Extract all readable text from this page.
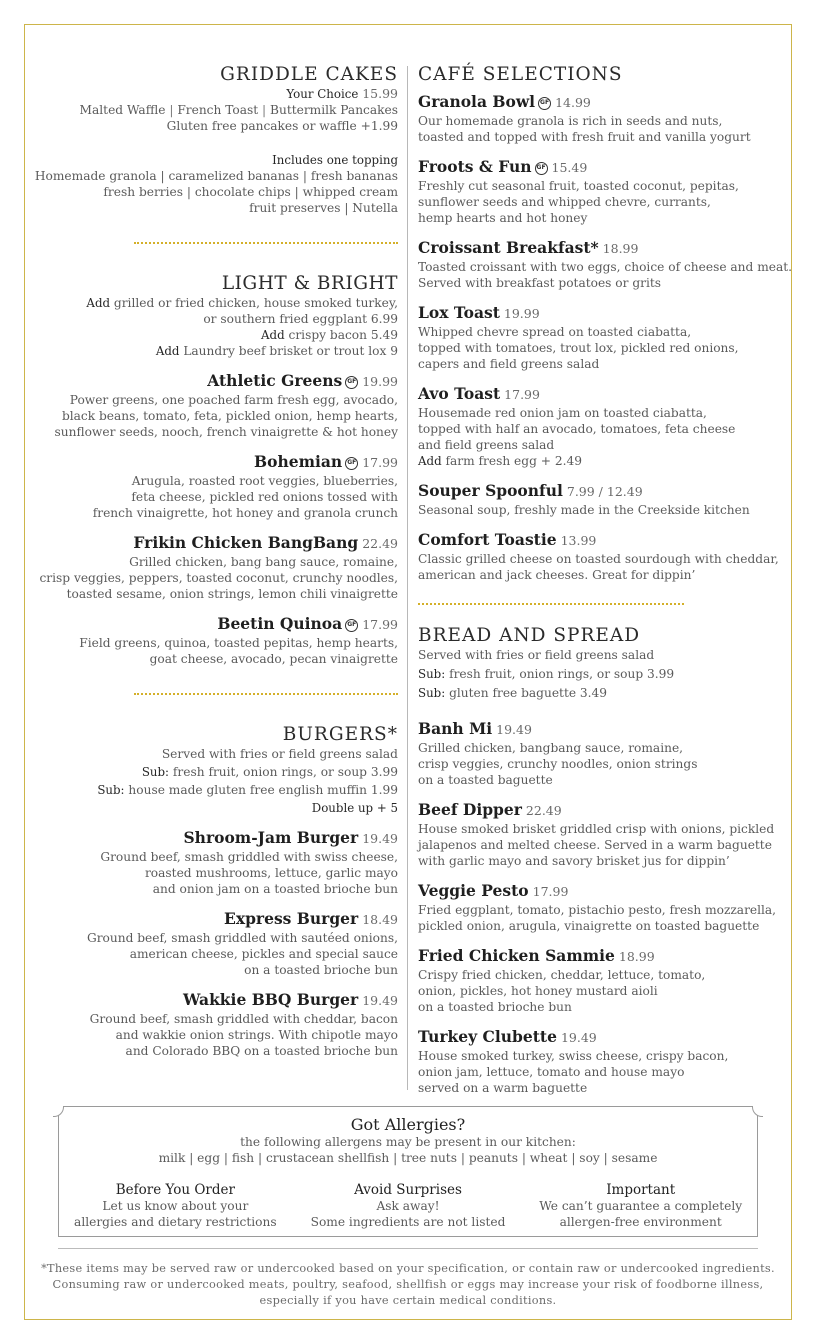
GRIDDLE CAKES
Your Choice 15.99
Malted Waffle | French Toast | Buttermilk Pancakes
Gluten free pancakes or waffle +1.99
Includes one topping
Homemade granola | caramelized bananas | fresh bananas
fresh berries | chocolate chips | whipped cream
fruit preserves | Nutella
LIGHT & BRIGHT
Add grilled or fried chicken, house smoked turkey,
or southern fried eggplant 6.99
Add crispy bacon 5.49
Add Laundry beef brisket or trout lox 9
Athletic Greens GF 19.99
Power greens, one poached farm fresh egg, avocado,
black beans, tomato, feta, pickled onion, hemp hearts,
sunflower seeds, nooch, french vinaigrette & hot honey
Bohemian GF 17.99
Arugula, roasted root veggies, blueberries,
feta cheese, pickled red onions tossed with
french vinaigrette, hot honey and granola crunch
Frikin Chicken BangBang 22.49
Grilled chicken, bang bang sauce, romaine,
crisp veggies, peppers, toasted coconut, crunchy noodles,
toasted sesame, onion strings, lemon chili vinaigrette
Beetin Quinoa GF 17.99
Field greens, quinoa, toasted pepitas, hemp hearts,
goat cheese, avocado, pecan vinaigrette
BURGERS*
Served with fries or field greens salad
Sub: fresh fruit, onion rings, or soup 3.99
Sub: house made gluten free english muffin 1.99
Double up + 5
Shroom-Jam Burger 19.49
Ground beef, smash griddled with swiss cheese,
roasted mushrooms, lettuce, garlic mayo
and onion jam on a toasted brioche bun
Express Burger 18.49
Ground beef, smash griddled with sautéed onions,
american cheese, pickles and special sauce
on a toasted brioche bun
Wakkie BBQ Burger 19.49
Ground beef, smash griddled with cheddar, bacon
and wakkie onion strings. With chipotle mayo
and Colorado BBQ on a toasted brioche bun
CAFÉ SELECTIONS
Granola Bowl GF 14.99
Our homemade granola is rich in seeds and nuts,
toasted and topped with fresh fruit and vanilla yogurt
Froots & Fun GF 15.49
Freshly cut seasonal fruit, toasted coconut, pepitas,
sunflower seeds and whipped chevre, currants,
hemp hearts and hot honey
Croissant Breakfast* 18.99
Toasted croissant with two eggs, choice of cheese and meat.
Served with breakfast potatoes or grits
Lox Toast 19.99
Whipped chevre spread on toasted ciabatta,
topped with tomatoes, trout lox, pickled red onions,
capers and field greens salad
Avo Toast 17.99
Housemade red onion jam on toasted ciabatta,
topped with half an avocado, tomatoes, feta cheese
and field greens salad
Add farm fresh egg + 2.49
Souper Spoonful 7.99 / 12.49
Seasonal soup, freshly made in the Creekside kitchen
Comfort Toastie 13.99
Classic grilled cheese on toasted sourdough with cheddar,
american and jack cheeses. Great for dippin’
BREAD AND SPREAD
Served with fries or field greens salad
Sub: fresh fruit, onion rings, or soup 3.99
Sub: gluten free baguette 3.49
Banh Mi 19.49
Grilled chicken, bangbang sauce, romaine,
crisp veggies, crunchy noodles, onion strings
on a toasted baguette
Beef Dipper 22.49
House smoked brisket griddled crisp with onions, pickled
jalapenos and melted cheese. Served in a warm baguette
with garlic mayo and savory brisket jus for dippin’
Veggie Pesto 17.99
Fried eggplant, tomato, pistachio pesto, fresh mozzarella,
pickled onion, arugula, vinaigrette on toasted baguette
Fried Chicken Sammie 18.99
Crispy fried chicken, cheddar, lettuce, tomato,
onion, pickles, hot honey mustard aioli
on a toasted brioche bun
Turkey Clubette 19.49
House smoked turkey, swiss cheese, crispy bacon,
onion jam, lettuce, tomato and house mayo
served on a warm baguette
Got Allergies?
the following allergens may be present in our kitchen:
milk | egg | fish | crustacean shellfish | tree nuts | peanuts | wheat | soy | sesame
Before You Order
Let us know about your
allergies and dietary restrictions
Avoid Surprises
Ask away!
Some ingredients are not listed
Important
We can’t guarantee a completely
allergen-free environment
*These items may be served raw or undercooked based on your specification, or contain raw or undercooked ingredients.
Consuming raw or undercooked meats, poultry, seafood, shellfish or eggs may increase your risk of foodborne illness,
especially if you have certain medical conditions.
